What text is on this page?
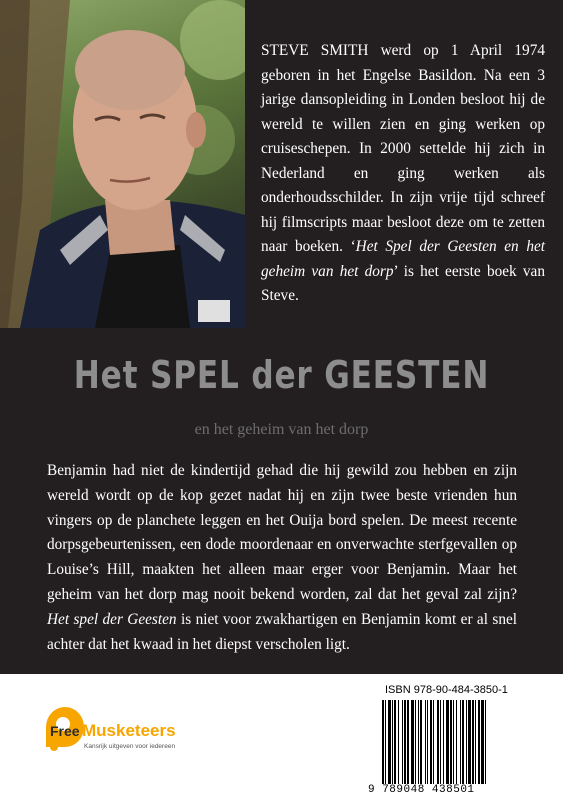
STEVE SMITH werd op 1 April 1974 geboren in het Engelse Basildon. Na een 3 jarige dansopleiding in Londen besloot hij de wereld te willen zien en ging werken op cruiseschepen. In 2000 settelde hij zich in Nederland en ging werken als onderhoudsschilder. In zijn vrije tijd schreef hij filmscripts maar besloot deze om te zetten naar boeken. ‘Het Spel der Geesten en het geheim van het dorp’ is het eerste boek van Steve.
Het SPEL der GEESTEN
en het geheim van het dorp
Benjamin had niet de kindertijd gehad die hij gewild zou hebben en zijn wereld wordt op de kop gezet nadat hij en zijn twee beste vrienden hun vingers op de planchete leggen en het Ouija bord spelen. De meest recente dorpsgebeurtenissen, een dode moordenaar en onverwachte sterfgevallen op Louise’s Hill, maakten het alleen maar erger voor Benjamin. Maar het geheim van het dorp mag nooit bekend worden, zal dat het geval zal zijn? Het spel der Geesten is niet voor zwakhartigen en Benjamin komt er al snel achter dat het kwaad in het diepst verscholen ligt.
Free Musketeers
Kansrijk uitgeven voor iedereen
ISBN 978-90-484-3850-1
9 789048 438501
